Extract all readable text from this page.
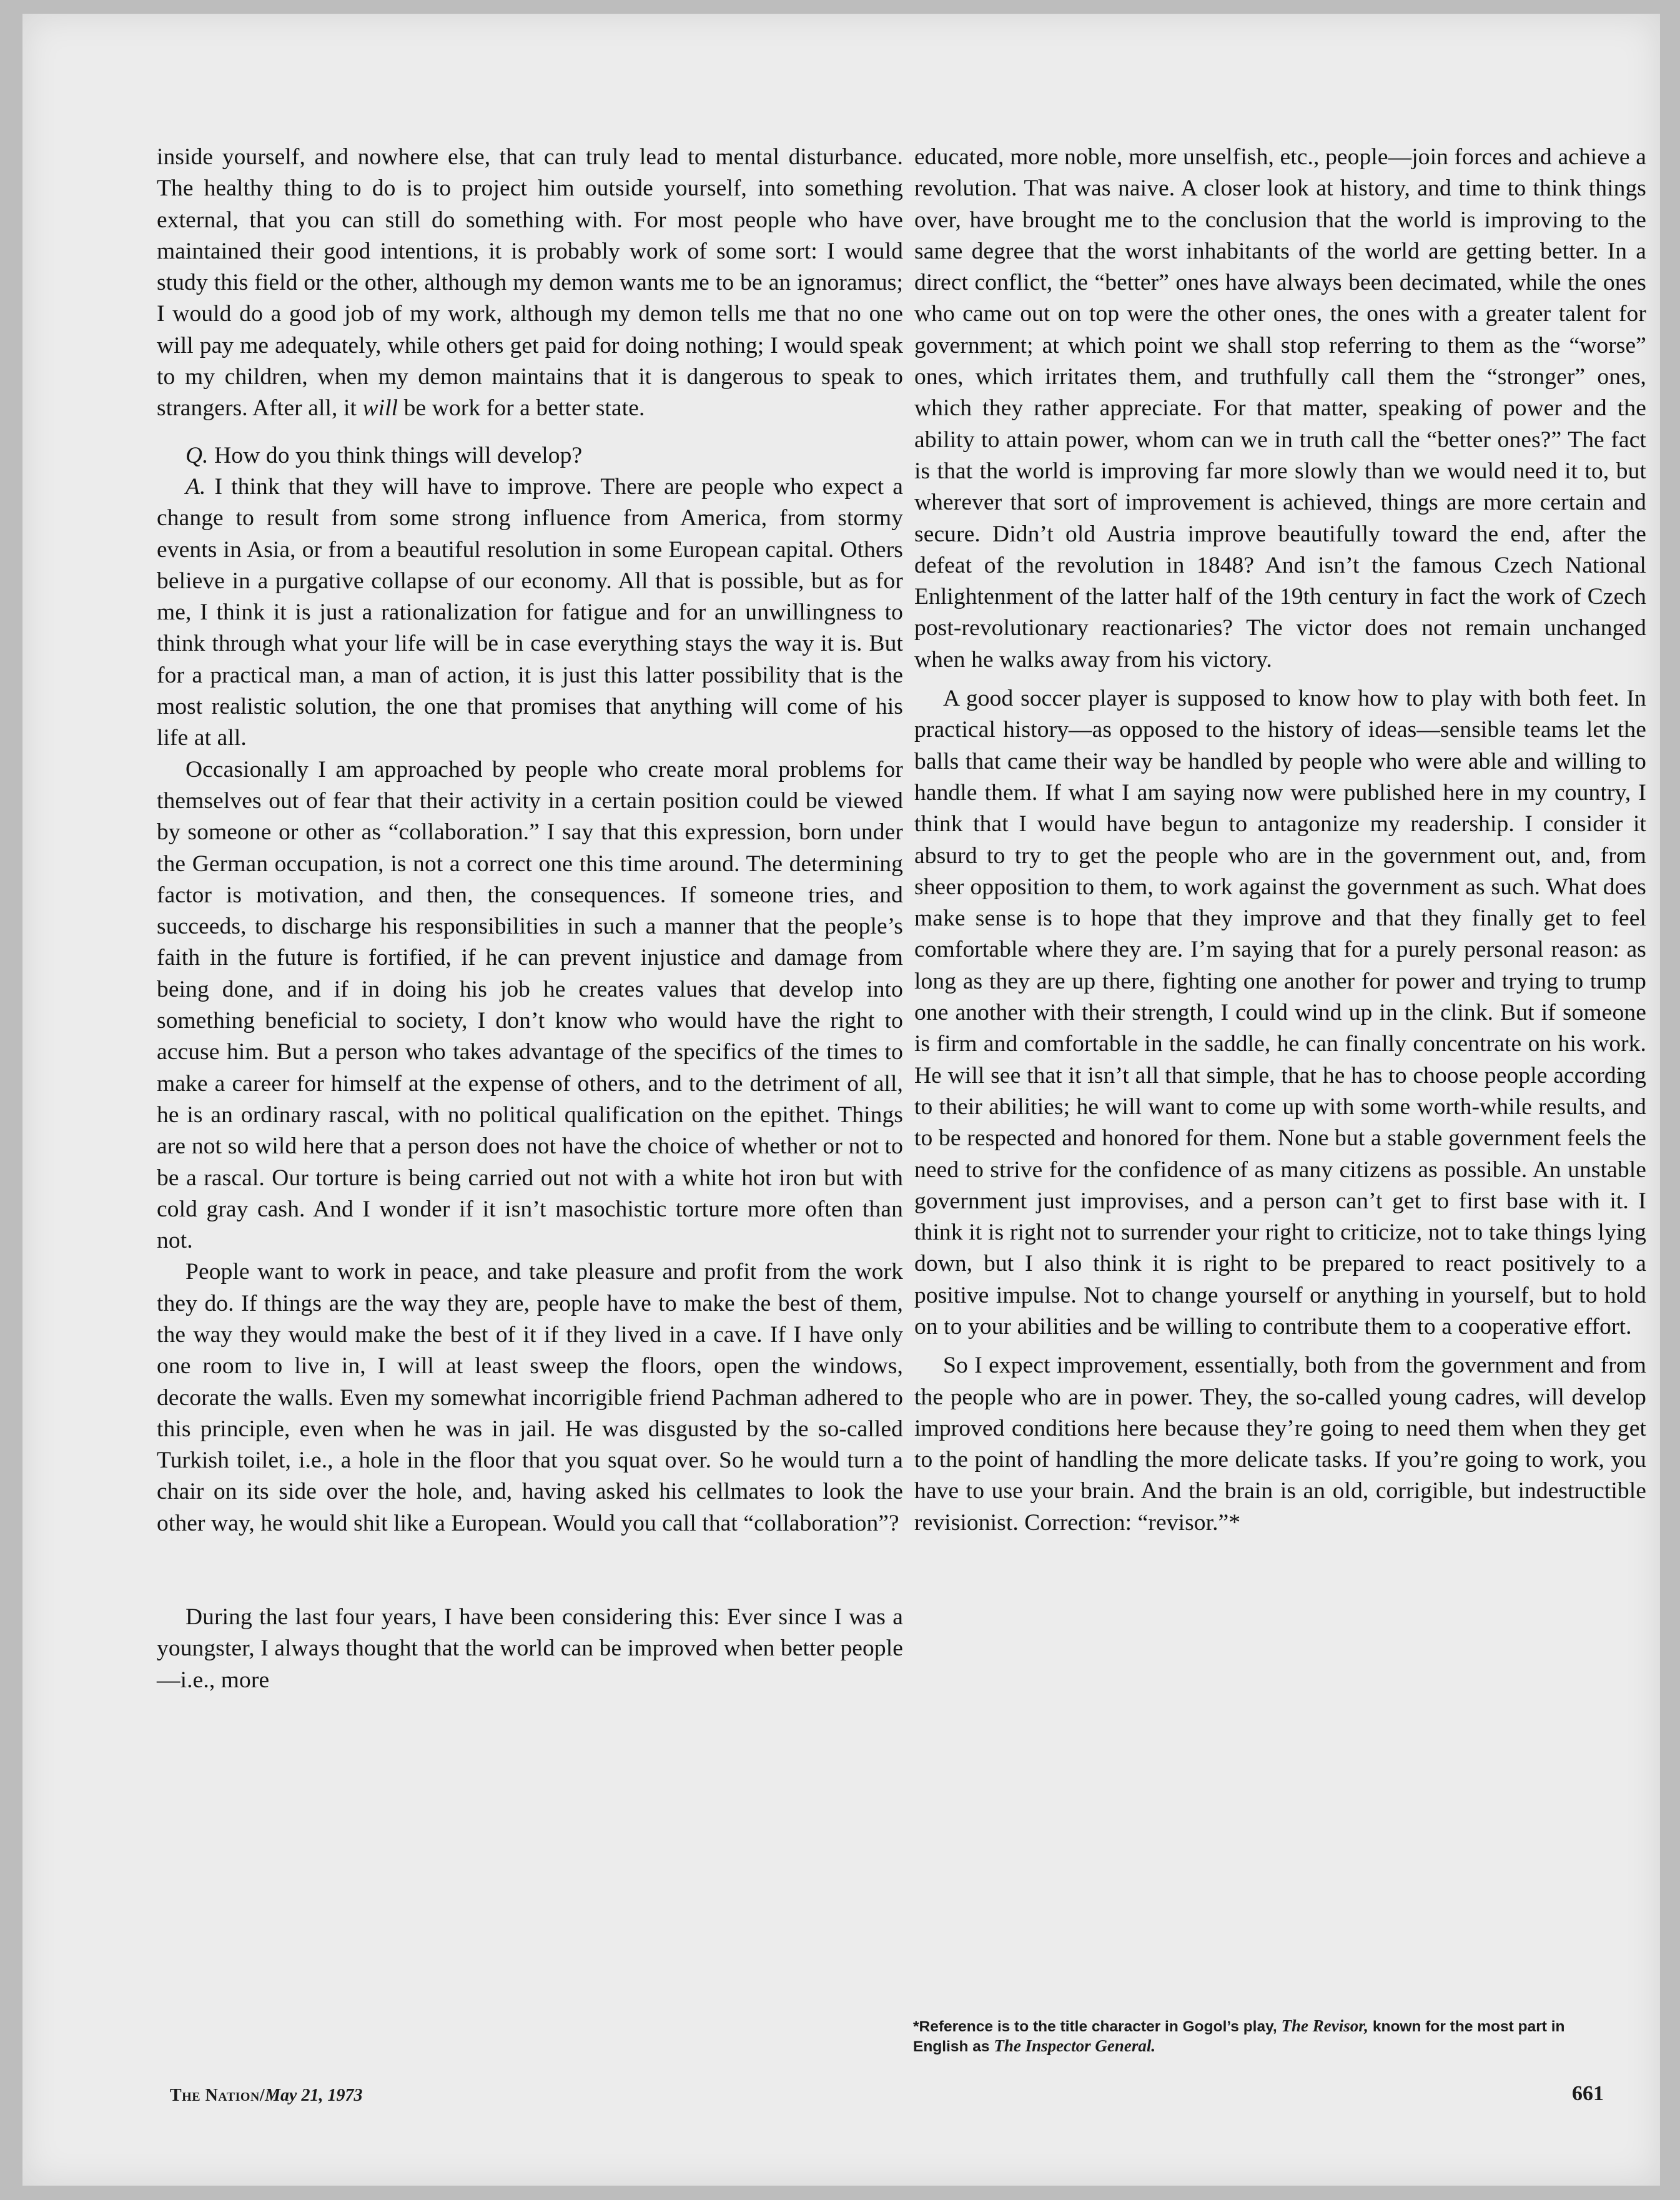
inside yourself, and nowhere else, that can truly lead to mental disturbance. The healthy thing to do is to project him outside yourself, into something external, that you can still do something with. For most people who have maintained their good intentions, it is probably work of some sort: I would study this field or the other, although my demon wants me to be an ignoramus; I would do a good job of my work, although my demon tells me that no one will pay me adequately, while others get paid for doing nothing; I would speak to my children, when my demon maintains that it is dangerous to speak to strangers. After all, it will be work for a better state.

Q. How do you think things will develop?

A. I think that they will have to improve. There are people who expect a change to result from some strong influence from America, from stormy events in Asia, or from a beautiful resolution in some European capital. Others believe in a purgative collapse of our economy. All that is possible, but as for me, I think it is just a rationalization for fatigue and for an unwillingness to think through what your life will be in case everything stays the way it is. But for a practical man, a man of action, it is just this latter possibility that is the most realistic solution, the one that promises that anything will come of his life at all.

Occasionally I am approached by people who create moral problems for themselves out of fear that their activity in a certain position could be viewed by someone or other as “collaboration.” I say that this expression, born under the German occupation, is not a correct one this time around. The determining factor is motivation, and then, the consequences. If someone tries, and succeeds, to discharge his responsibilities in such a manner that the people’s faith in the future is fortified, if he can prevent injustice and damage from being done, and if in doing his job he creates values that develop into something beneficial to society, I don’t know who would have the right to accuse him. But a person who takes advantage of the specifics of the times to make a career for himself at the expense of others, and to the detriment of all, he is an ordinary rascal, with no political qualification on the epithet. Things are not so wild here that a person does not have the choice of whether or not to be a rascal. Our torture is being carried out not with a white hot iron but with cold gray cash. And I wonder if it isn’t masochistic torture more often than not.

People want to work in peace, and take pleasure and profit from the work they do. If things are the way they are, people have to make the best of them, the way they would make the best of it if they lived in a cave. If I have only one room to live in, I will at least sweep the floors, open the windows, decorate the walls. Even my somewhat incorrigible friend Pachman adhered to this principle, even when he was in jail. He was disgusted by the so-called Turkish toilet, i.e., a hole in the floor that you squat over. So he would turn a chair on its side over the hole, and, having asked his cellmates to look the other way, he would shit like a European. Would you call that “collaboration”?

During the last four years, I have been considering this: Ever since I was a youngster, I always thought that the world can be improved when better people—i.e., more

educated, more noble, more unselfish, etc., people—join forces and achieve a revolution. That was naive. A closer look at history, and time to think things over, have brought me to the conclusion that the world is improving to the same degree that the worst inhabitants of the world are getting better. In a direct conflict, the “better” ones have always been decimated, while the ones who came out on top were the other ones, the ones with a greater talent for government; at which point we shall stop referring to them as the “worse” ones, which irritates them, and truthfully call them the “stronger” ones, which they rather appreciate. For that matter, speaking of power and the ability to attain power, whom can we in truth call the “better ones?” The fact is that the world is improving far more slowly than we would need it to, but wherever that sort of improvement is achieved, things are more certain and secure. Didn’t old Austria improve beautifully toward the end, after the defeat of the revolution in 1848? And isn’t the famous Czech National Enlightenment of the latter half of the 19th century in fact the work of Czech post-revolutionary reactionaries? The victor does not remain unchanged when he walks away from his victory.

A good soccer player is supposed to know how to play with both feet. In practical history—as opposed to the history of ideas—sensible teams let the balls that came their way be handled by people who were able and willing to handle them. If what I am saying now were published here in my country, I think that I would have begun to antagonize my readership. I consider it absurd to try to get the people who are in the government out, and, from sheer opposition to them, to work against the government as such. What does make sense is to hope that they improve and that they finally get to feel comfortable where they are. I’m saying that for a purely personal reason: as long as they are up there, fighting one another for power and trying to trump one another with their strength, I could wind up in the clink. But if someone is firm and comfortable in the saddle, he can finally concentrate on his work. He will see that it isn’t all that simple, that he has to choose people according to their abilities; he will want to come up with some worth-while results, and to be respected and honored for them. None but a stable government feels the need to strive for the confidence of as many citizens as possible. An unstable government just improvises, and a person can’t get to first base with it. I think it is right not to surrender your right to criticize, not to take things lying down, but I also think it is right to be prepared to react positively to a positive impulse. Not to change yourself or anything in yourself, but to hold on to your abilities and be willing to contribute them to a cooperative effort.

So I expect improvement, essentially, both from the government and from the people who are in power. They, the so-called young cadres, will develop improved conditions here because they’re going to need them when they get to the point of handling the more delicate tasks. If you’re going to work, you have to use your brain. And the brain is an old, corrigible, but indestructible revisionist. Correction: “revisor.”*

*Reference is to the title character in Gogol’s play, The Revisor, known for the most part in English as The Inspector General.
The Nation/May 21, 1973	661
